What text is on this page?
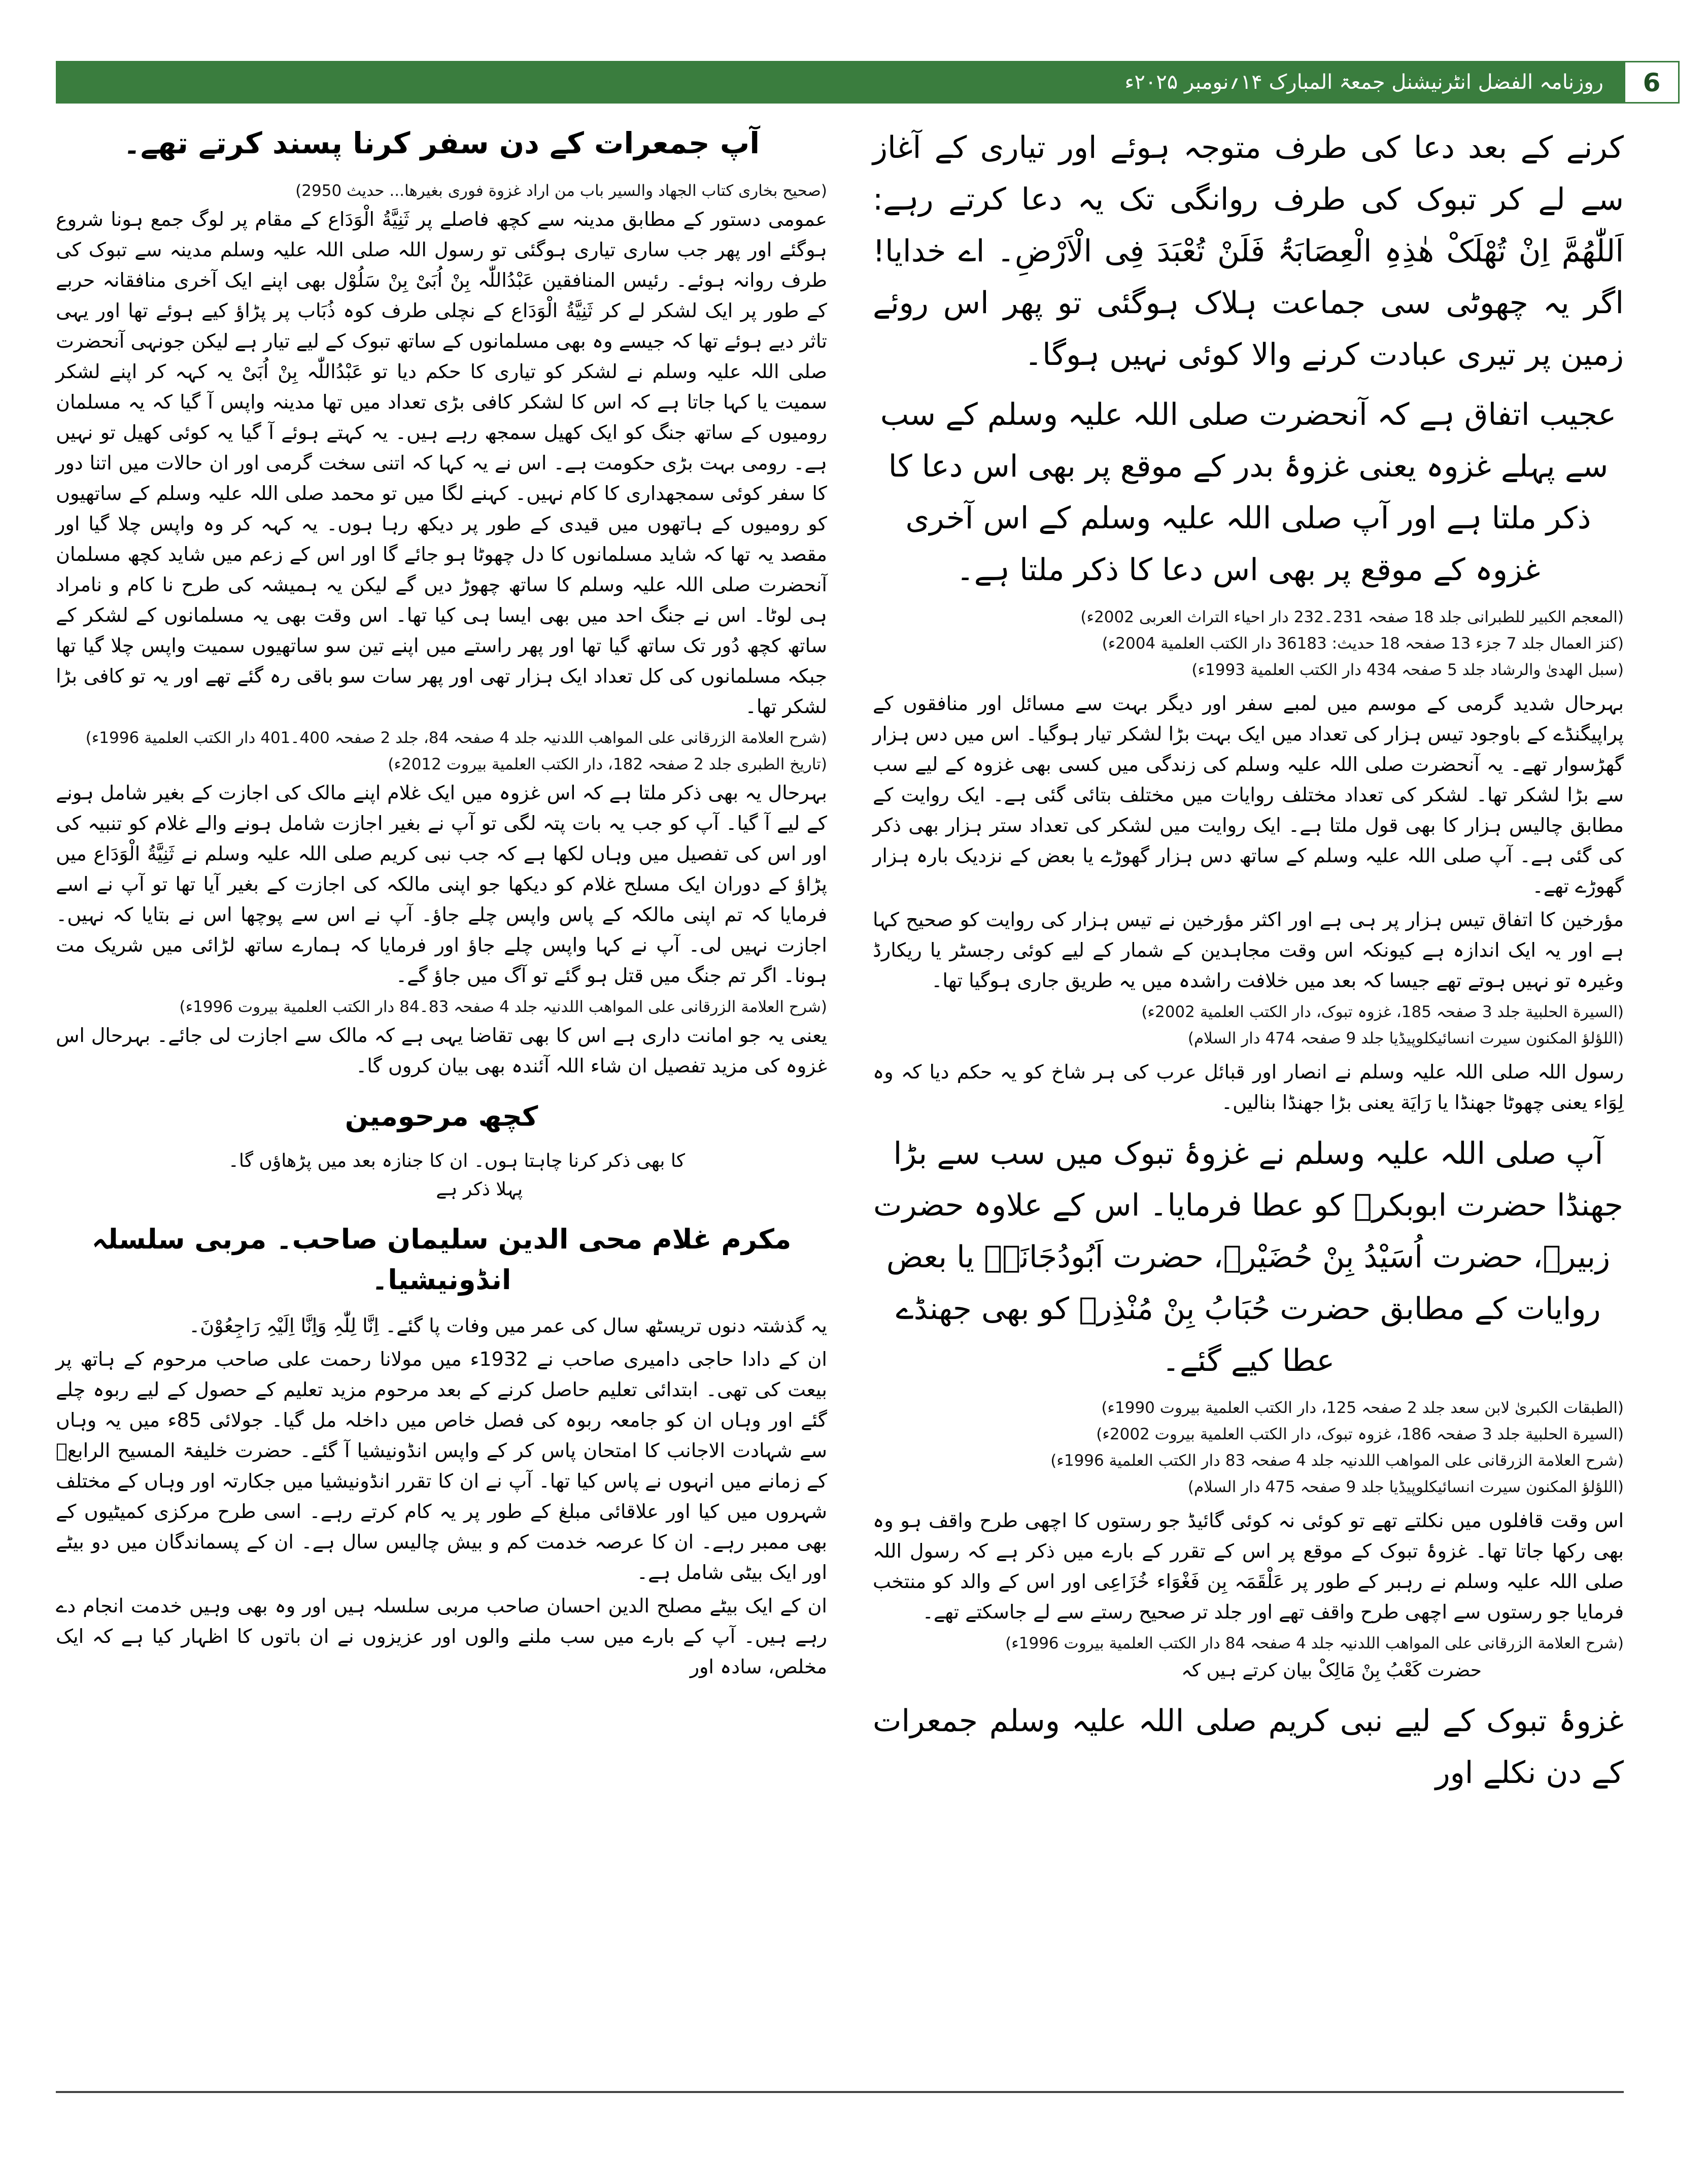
6
روزنامہ الفضل انٹرنیشنل جمعۃ المبارک ۱۴؍نومبر ۲۰۲۵ء

کرنے کے بعد دعا کی طرف متوجہ ہوئے اور تیاری کے آغاز سے لے کر تبوک کی طرف روانگی تک یہ دعا کرتے رہے: اَللّٰھُمَّ اِنْ تُھْلَکْ ھٰذِہِ الْعِصَابَۃُ فَلَنْ تُعْبَدَ فِی الْاَرْضِ۔ اے خدایا! اگر یہ چھوٹی سی جماعت ہلاک ہوگئی تو پھر اس روئے زمین پر تیری عبادت کرنے والا کوئی نہیں ہوگا۔

عجیب اتفاق ہے کہ آنحضرت صلی اللہ علیہ وسلم کے سب سے پہلے غزوہ یعنی غزوۂ بدر کے موقع پر بھی اس دعا کا ذکر ملتا ہے اور آپ صلی اللہ علیہ وسلم کے اس آخری غزوہ کے موقع پر بھی اس دعا کا ذکر ملتا ہے۔

(المعجم الکبیر للطبرانی جلد 18 صفحہ 231۔232 دار احیاء التراث العربی 2002ء)

(کنز العمال جلد 7 جزء 13 صفحہ 18 حدیث: 36183 دار الکتب العلمیة 2004ء)

(سبل الھدیٰ والرشاد جلد 5 صفحہ 434 دار الکتب العلمیة 1993ء)

بہرحال شدید گرمی کے موسم میں لمبے سفر اور دیگر بہت سے مسائل اور منافقوں کے پراپیگنڈے کے باوجود تیس ہزار کی تعداد میں ایک بہت بڑا لشکر تیار ہوگیا۔ اس میں دس ہزار گھڑسوار تھے۔ یہ آنحضرت صلی اللہ علیہ وسلم کی زندگی میں کسی بھی غزوہ کے لیے سب سے بڑا لشکر تھا۔ لشکر کی تعداد مختلف روایات میں مختلف بتائی گئی ہے۔ ایک روایت کے مطابق چالیس ہزار کا بھی قول ملتا ہے۔ ایک روایت میں لشکر کی تعداد ستر ہزار بھی ذکر کی گئی ہے۔ آپ صلی اللہ علیہ وسلم کے ساتھ دس ہزار گھوڑے یا بعض کے نزدیک بارہ ہزار گھوڑے تھے۔

مؤرخین کا اتفاق تیس ہزار پر ہی ہے اور اکثر مؤرخین نے تیس ہزار کی روایت کو صحیح کہا ہے اور یہ ایک اندازہ ہے کیونکہ اس وقت مجاہدین کے شمار کے لیے کوئی رجسٹر یا ریکارڈ وغیرہ تو نہیں ہوتے تھے جیسا کہ بعد میں خلافت راشدہ میں یہ طریق جاری ہوگیا تھا۔

(السیرة الحلبیة جلد 3 صفحہ 185، غزوہ تبوک، دار الکتب العلمیة 2002ء)

(اللؤلؤ المکنون سیرت انسائیکلوپیڈیا جلد 9 صفحہ 474 دار السلام)

رسول اللہ صلی اللہ علیہ وسلم نے انصار اور قبائل عرب کی ہر شاخ کو یہ حکم دیا کہ وہ لِوَاء یعنی چھوٹا جھنڈا یا رَایَة یعنی بڑا جھنڈا بنالیں۔

آپ صلی اللہ علیہ وسلم نے غزوۂ تبوک میں سب سے بڑا جھنڈا حضرت ابوبکرؓ کو عطا فرمایا۔ اس کے علاوہ حضرت زبیرؓ، حضرت اُسَیْدُ بِنْ حُضَیْرؓ، حضرت اَبُودُجَانَہؓ یا بعض روایات کے مطابق حضرت حُبَابُ بِنْ مُنْذِرؓ کو بھی جھنڈے عطا کیے گئے۔

(الطبقات الکبریٰ لابن سعد جلد 2 صفحہ 125، دار الکتب العلمیة بیروت 1990ء)

(السیرة الحلبیة جلد 3 صفحہ 186، غزوہ تبوک، دار الکتب العلمیة بیروت 2002ء)

(شرح العلامة الزرقانی علی المواھب اللدنیہ جلد 4 صفحہ 83 دار الکتب العلمیة 1996ء)

(اللؤلؤ المکنون سیرت انسائیکلوپیڈیا جلد 9 صفحہ 475 دار السلام)

اس وقت قافلوں میں نکلتے تھے تو کوئی نہ کوئی گائیڈ جو رستوں کا اچھی طرح واقف ہو وہ بھی رکھا جاتا تھا۔ غزوۂ تبوک کے موقع پر اس کے تقرر کے بارے میں ذکر ہے کہ رسول اللہ صلی اللہ علیہ وسلم نے رہبر کے طور پر عَلْقَمَہ بِن فَغْوَاء خُزَاعِی اور اس کے والد کو منتخب فرمایا جو رستوں سے اچھی طرح واقف تھے اور جلد تر صحیح رستے سے لے جاسکتے تھے۔

(شرح العلامة الزرقانی علی المواھب اللدنیہ جلد 4 صفحہ 84 دار الکتب العلمیة بیروت 1996ء)

حضرت کَعْبُ بِنْ مَالِکْ بیان کرتے ہیں کہ

غزوۂ تبوک کے لیے نبی کریم صلی اللہ علیہ وسلم جمعرات کے دن نکلے اور

آپ جمعرات کے دن سفر کرنا پسند کرتے تھے۔

(صحیح بخاری کتاب الجھاد والسیر باب من اراد غزوة فوری بغیرھا... حدیث 2950)

عمومی دستور کے مطابق مدینہ سے کچھ فاصلے پر ثَنِیَّةُ الْوَدَاع کے مقام پر لوگ جمع ہونا شروع ہوگئے اور پھر جب ساری تیاری ہوگئی تو رسول اللہ صلی اللہ علیہ وسلم مدینہ سے تبوک کی طرف روانہ ہوئے۔ رئیس المنافقین عَبْدُاللّٰہ بِنْ اُبَیْ بِنْ سَلُوْل بھی اپنے ایک آخری منافقانہ حربے کے طور پر ایک لشکر لے کر ثَنِیَّةُ الْوَدَاع کے نچلی طرف کوہ ذُبَاب پر پڑاؤ کیے ہوئے تھا اور یہی تاثر دیے ہوئے تھا کہ جیسے وہ بھی مسلمانوں کے ساتھ تبوک کے لیے تیار ہے لیکن جونہی آنحضرت صلی اللہ علیہ وسلم نے لشکر کو تیاری کا حکم دیا تو عَبْدُاللّٰہ بِنْ اُبَیْ یہ کہہ کر اپنے لشکر سمیت یا کہا جاتا ہے کہ اس کا لشکر کافی بڑی تعداد میں تھا مدینہ واپس آ گیا کہ یہ مسلمان رومیوں کے ساتھ جنگ کو ایک کھیل سمجھ رہے ہیں۔ یہ کہتے ہوئے آ گیا یہ کوئی کھیل تو نہیں ہے۔ رومی بہت بڑی حکومت ہے۔ اس نے یہ کہا کہ اتنی سخت گرمی اور ان حالات میں اتنا دور کا سفر کوئی سمجھداری کا کام نہیں۔ کہنے لگا میں تو محمد صلی اللہ علیہ وسلم کے ساتھیوں کو رومیوں کے ہاتھوں میں قیدی کے طور پر دیکھ رہا ہوں۔ یہ کہہ کر وہ واپس چلا گیا اور مقصد یہ تھا کہ شاید مسلمانوں کا دل چھوٹا ہو جائے گا اور اس کے زعم میں شاید کچھ مسلمان آنحضرت صلی اللہ علیہ وسلم کا ساتھ چھوڑ دیں گے لیکن یہ ہمیشہ کی طرح نا کام و نامراد ہی لوٹا۔ اس نے جنگ احد میں بھی ایسا ہی کیا تھا۔ اس وقت بھی یہ مسلمانوں کے لشکر کے ساتھ کچھ دُور تک ساتھ گیا تھا اور پھر راستے میں اپنے تین سو ساتھیوں سمیت واپس چلا گیا تھا جبکہ مسلمانوں کی کل تعداد ایک ہزار تھی اور پھر سات سو باقی رہ گئے تھے اور یہ تو کافی بڑا لشکر تھا۔

(شرح العلامة الزرقانی علی المواھب اللدنیہ جلد 4 صفحہ 84، جلد 2 صفحہ 400۔401 دار الکتب العلمیة 1996ء)

(تاریخ الطبری جلد 2 صفحہ 182، دار الکتب العلمیة بیروت 2012ء)

بہرحال یہ بھی ذکر ملتا ہے کہ اس غزوہ میں ایک غلام اپنے مالک کی اجازت کے بغیر شامل ہونے کے لیے آ گیا۔ آپ کو جب یہ بات پتہ لگی تو آپ نے بغیر اجازت شامل ہونے والے غلام کو تنبیہ کی اور اس کی تفصیل میں وہاں لکھا ہے کہ جب نبی کریم صلی اللہ علیہ وسلم نے ثَنِیَّةُ الْوَدَاع میں پڑاؤ کے دوران ایک مسلح غلام کو دیکھا جو اپنی مالکہ کی اجازت کے بغیر آیا تھا تو آپ نے اسے فرمایا کہ تم اپنی مالکہ کے پاس واپس چلے جاؤ۔ آپ نے اس سے پوچھا اس نے بتایا کہ نہیں۔ اجازت نہیں لی۔ آپ نے کہا واپس چلے جاؤ اور فرمایا کہ ہمارے ساتھ لڑائی میں شریک مت ہونا۔ اگر تم جنگ میں قتل ہو گئے تو آگ میں جاؤ گے۔

(شرح العلامة الزرقانی علی المواھب اللدنیہ جلد 4 صفحہ 83۔84 دار الکتب العلمیة بیروت 1996ء)

یعنی یہ جو امانت داری ہے اس کا بھی تقاضا یہی ہے کہ مالک سے اجازت لی جائے۔ بہرحال اس غزوہ کی مزید تفصیل ان شاء اللہ آئندہ بھی بیان کروں گا۔

کچھ مرحومین

کا بھی ذکر کرنا چاہتا ہوں۔ ان کا جنازہ بعد میں پڑھاؤں گا۔

پہلا ذکر ہے

مکرم غلام محی الدین سلیمان صاحب۔ مربی سلسلہ انڈونیشیا۔

یہ گذشتہ دنوں تریسٹھ سال کی عمر میں وفات پا گئے۔ اِنَّا لِلّٰہِ وَاِنَّا اِلَیْہِ رَاجِعُوْنَ۔

ان کے دادا حاجی دامیری صاحب نے 1932ء میں مولانا رحمت علی صاحب مرحوم کے ہاتھ پر بیعت کی تھی۔ ابتدائی تعلیم حاصل کرنے کے بعد مرحوم مزید تعلیم کے حصول کے لیے ربوہ چلے گئے اور وہاں ان کو جامعہ ربوہ کی فصل خاص میں داخلہ مل گیا۔ جولائی 85ء میں یہ وہاں سے شہادت الاجانب کا امتحان پاس کر کے واپس انڈونیشیا آ گئے۔ حضرت خلیفۃ المسیح الرابعؒ کے زمانے میں انہوں نے پاس کیا تھا۔ آپ نے ان کا تقرر انڈونیشیا میں جکارتہ اور وہاں کے مختلف شہروں میں کیا اور علاقائی مبلغ کے طور پر یہ کام کرتے رہے۔ اسی طرح مرکزی کمیٹیوں کے بھی ممبر رہے۔ ان کا عرصہ خدمت کم و بیش چالیس سال ہے۔ ان کے پسماندگان میں دو بیٹے اور ایک بیٹی شامل ہے۔

ان کے ایک بیٹے مصلح الدین احسان صاحب مربی سلسلہ ہیں اور وہ بھی وہیں خدمت انجام دے رہے ہیں۔ آپ کے بارے میں سب ملنے والوں اور عزیزوں نے ان باتوں کا اظہار کیا ہے کہ ایک مخلص، سادہ اور
